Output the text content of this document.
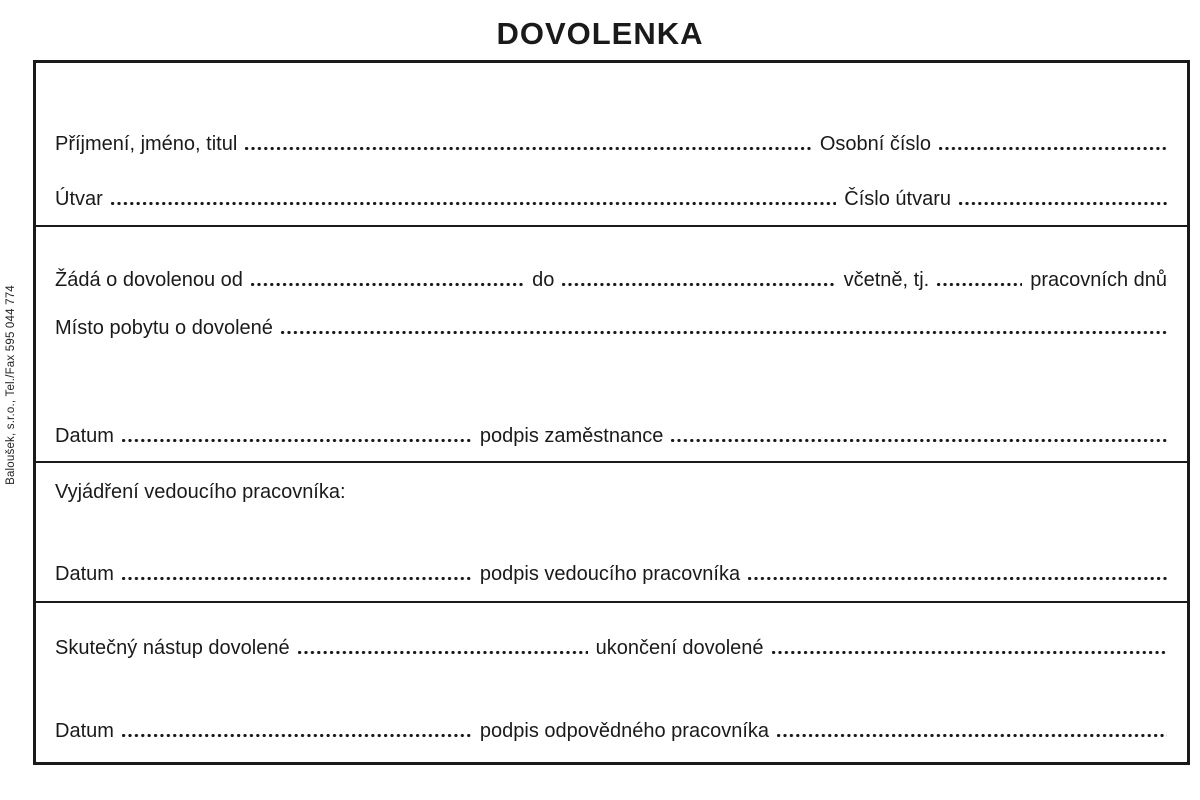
DOVOLENKA
Baloušek, s.r.o., Tel./Fax 595 044 774
Příjmení, jméno, titul	Osobní číslo
Útvar	Číslo útvaru
Žádá o dovolenou od	do	včetně, tj.	pracovních dnů
Místo pobytu o dovolené
Datum	podpis zaměstnance
Vyjádření vedoucího pracovníka:
Datum	podpis vedoucího pracovníka
Skutečný nástup dovolené	ukončení dovolené
Datum	podpis odpovědného pracovníka
